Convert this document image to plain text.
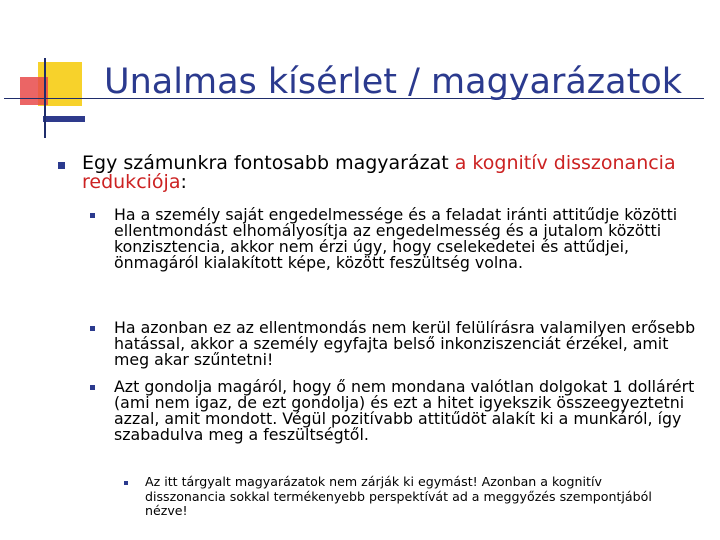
Unalmas kísérlet / magyarázatok
Egy számunkra fontosabb magyarázat a kognitív disszonancia redukciója:
Ha a személy saját engedelmessége és a feladat iránti attitűdje közötti ellentmondást elhomályosítja az engedelmesség és a jutalom közötti konzisztencia, akkor nem érzi úgy, hogy cselekedetei és attűdjei, önmagáról kialakított képe, között feszültség volna.
Ha azonban ez az ellentmondás nem kerül felülírásra valamilyen erősebb hatással, akkor a személy egyfajta belső inkonziszenciát érzékel, amit meg akar szűntetni!
Azt gondolja magáról, hogy ő nem mondana valótlan dolgokat 1 dollárért (ami nem igaz, de ezt gondolja) és ezt a hitet igyekszik összeegyeztetni azzal, amit mondott. Végül pozitívabb attitűdöt alakít ki a munkáról, így szabadulva meg a feszültségtől.
Az itt tárgyalt magyarázatok nem zárják ki egymást! Azonban a kognitív disszonancia sokkal termékenyebb perspektívát ad a meggyőzés szempontjából nézve!
